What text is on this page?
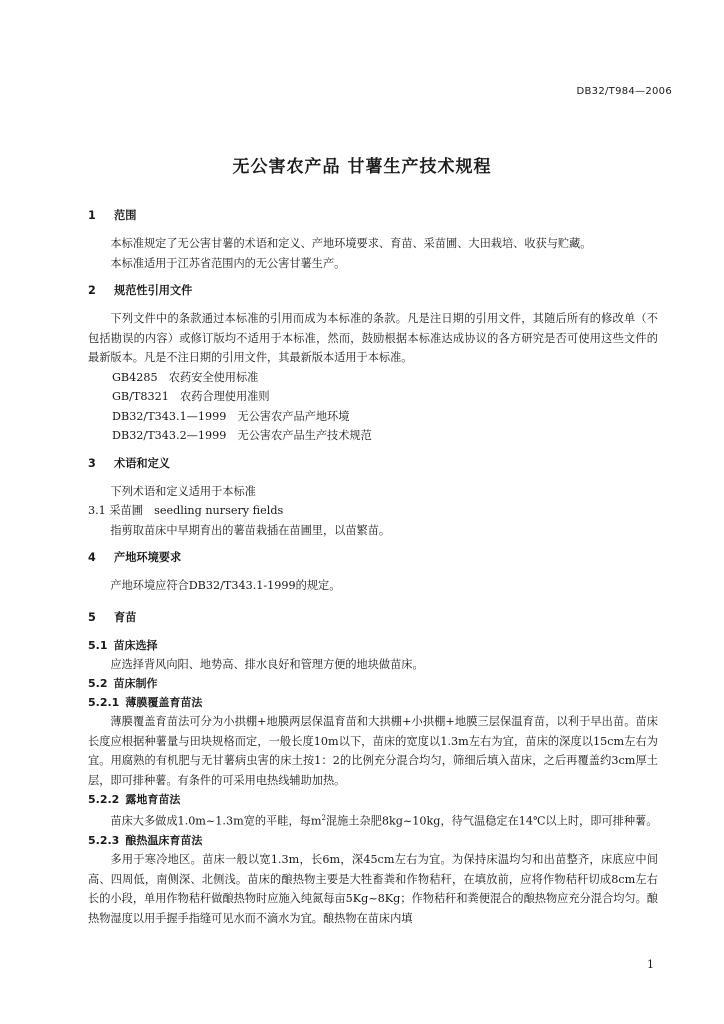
DB32/T984—2006
无公害农产品 甘薯生产技术规程
1 范围

本标准规定了无公害甘薯的术语和定义、产地环境要求、育苗、采苗圃、大田栽培、收获与贮藏。

本标准适用于江苏省范围内的无公害甘薯生产。

2 规范性引用文件

下列文件中的条款通过本标准的引用而成为本标准的条款。凡是注日期的引用文件，其随后所有的修改单（不包括勘误的内容）或修订版均不适用于本标准，然而，鼓励根据本标准达成协议的各方研究是否可使用这些文件的最新版本。凡是不注日期的引用文件，其最新版本适用于本标准。

GB4285　农药安全使用标准

GB/T8321　农药合理使用准则

DB32/T343.1—1999　无公害农产品产地环境

DB32/T343.2—1999　无公害农产品生产技术规范

3 术语和定义

下列术语和定义适用于本标准

3.1 采苗圃　seedling nursery fields

指剪取苗床中早期育出的薯苗栽插在苗圃里，以苗繁苗。

4 产地环境要求

产地环境应符合DB32/T343.1-1999的规定。

5 育苗
5.1 苗床选择

应选择背风向阳、地势高、排水良好和管理方便的地块做苗床。

5.2 苗床制作
5.2.1 薄膜覆盖育苗法

薄膜覆盖育苗法可分为小拱棚+地膜两层保温育苗和大拱棚+小拱棚+地膜三层保温育苗，以利于早出苗。苗床长度应根据种薯量与田块规格而定，一般长度10m以下，苗床的宽度以1.3m左右为宜，苗床的深度以15cm左右为宜。用腐熟的有机肥与无甘薯病虫害的床土按1：2的比例充分混合均匀，筛细后填入苗床，之后再覆盖约3cm厚土层，即可排种薯。有条件的可采用电热线辅助加热。

5.2.2 露地育苗法

苗床大多做成1.0m~1.3m宽的平畦，每$m^2$混施土杂肥8kg~10kg，待气温稳定在14℃以上时，即可排种薯。

5.2.3 酿热温床育苗法

多用于寒冷地区。苗床一般以宽1.3m，长6m，深45cm左右为宜。为保持床温均匀和出苗整齐，床底应中间高、四周低，南侧深、北侧浅。苗床的酿热物主要是大牲畜粪和作物秸秆，在填放前，应将作物秸秆切成8cm左右长的小段，单用作物秸秆做酿热物时应施入纯氮每亩5Kg~8Kg；作物秸秆和粪便混合的酿热物应充分混合均匀。酿热物湿度以用手握手指缝可见水而不滴水为宜。酿热物在苗床内填

1
